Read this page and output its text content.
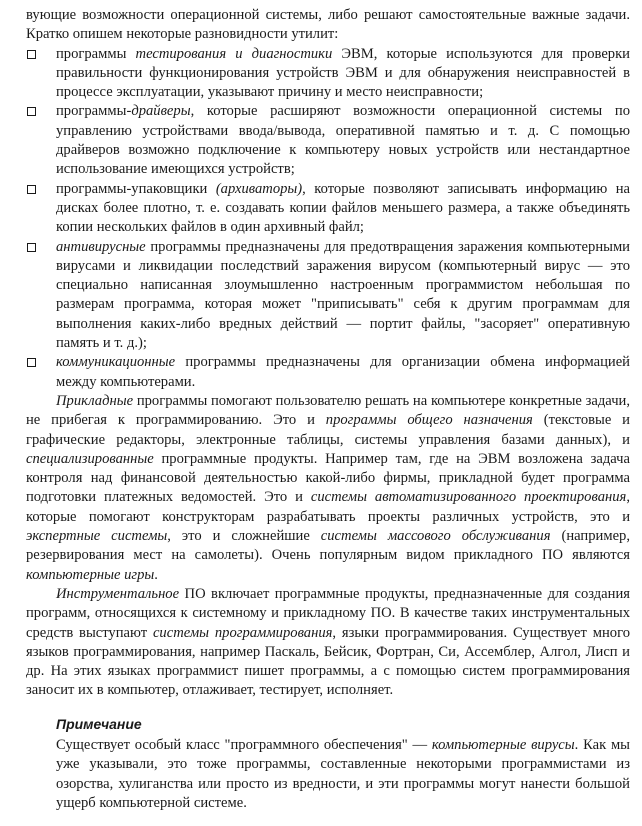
вующие возможности операционной системы, либо решают самостоятельные важные задачи. Кратко опишем некоторые разновидности утилит:

программы тестирования и диагностики ЭВМ, которые используются для проверки правильности функционирования устройств ЭВМ и для обнаружения неисправностей в процессе эксплуатации, указывают причину и место неисправности;
программы-драйверы, которые расширяют возможности операционной системы по управлению устройствами ввода/вывода, оперативной памятью и т. д. С помощью драйверов возможно подключение к компьютеру новых устройств или нестандартное использование имеющихся устройств;
программы-упаковщики (архиваторы), которые позволяют записывать информацию на дисках более плотно, т. е. создавать копии файлов меньшего размера, а также объединять копии нескольких файлов в один архивный файл;
антивирусные программы предназначены для предотвращения заражения компьютерными вирусами и ликвидации последствий заражения вирусом (компьютерный вирус — это специально написанная злоумышленно настроенным программистом небольшая по размерам программа, которая может "приписывать" себя к другим программам для выполнения каких-либо вредных действий — портит файлы, "засоряет" оперативную память и т. д.);
коммуникационные программы предназначены для организации обмена информацией между компьютерами.

Прикладные программы помогают пользователю решать на компьютере конкретные задачи, не прибегая к программированию. Это и программы общего назначения (текстовые и графические редакторы, электронные таблицы, системы управления базами данных), и специализированные программные продукты. Например там, где на ЭВМ возложена задача контроля над финансовой деятельностью какой-либо фирмы, прикладной будет программа подготовки платежных ведомостей. Это и системы автоматизированного проектирования, которые помогают конструкторам разрабатывать проекты различных устройств, это и экспертные системы, это и сложнейшие системы массового обслуживания (например, резервирования мест на самолеты). Очень популярным видом прикладного ПО являются компьютерные игры.

Инструментальное ПО включает программные продукты, предназначенные для создания программ, относящихся к системному и прикладному ПО. В качестве таких инструментальных средств выступают системы программирования, языки программирования. Существует много языков программирования, например Паскаль, Бейсик, Фортран, Си, Ассемблер, Алгол, Лисп и др. На этих языках программист пишет программы, а с помощью систем программирования заносит их в компьютер, отлаживает, тестирует, исполняет.

Примечание

Существует особый класс "программного обеспечения" — компьютерные вирусы. Как мы уже указывали, это тоже программы, составленные некоторыми программистами из озорства, хулиганства или просто из вредности, и эти программы могут нанести большой ущерб компьютерной системе.
